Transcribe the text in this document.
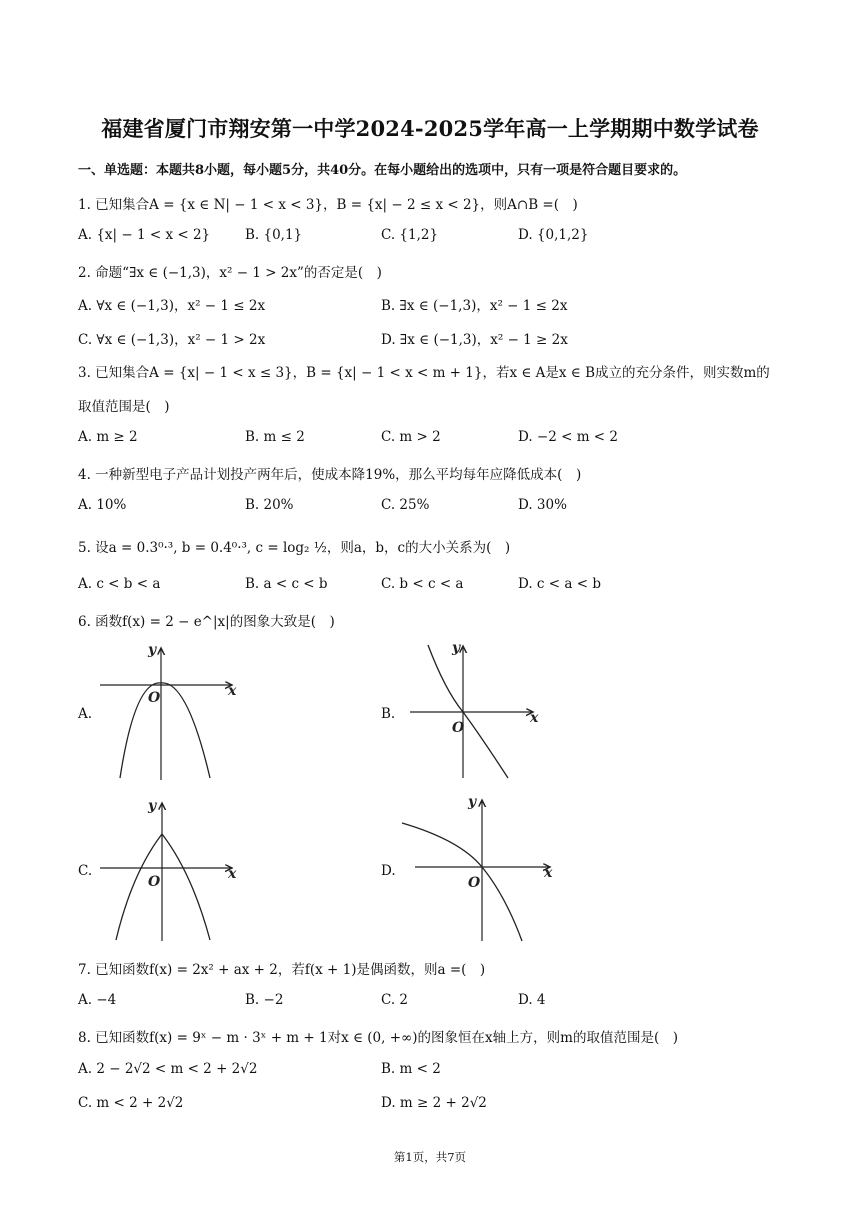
福建省厦门市翔安第一中学2024-2025学年高一上学期期中数学试卷
一、单选题：本题共8小题，每小题5分，共40分。在每小题给出的选项中，只有一项是符合题目要求的。
1. 已知集合A = {x ∈ N| − 1 < x < 3}，B = {x| − 2 ≤ x < 2}，则A∩B =(　)
A. {x| − 1 < x < 2}	B. {0,1}	C. {1,2}	D. {0,1,2}
2. 命题“∃x ∈ (−1,3)，x² − 1 > 2x”的否定是(　)
A. ∀x ∈ (−1,3)，x² − 1 ≤ 2x	B. ∃x ∈ (−1,3)，x² − 1 ≤ 2x
C. ∀x ∈ (−1,3)，x² − 1 > 2x	D. ∃x ∈ (−1,3)，x² − 1 ≥ 2x
3. 已知集合A = {x| − 1 < x ≤ 3}，B = {x| − 1 < x < m + 1}，若x ∈ A是x ∈ B成立的充分条件，则实数m的
取值范围是(　)
A. m ≥ 2	B. m ≤ 2	C. m > 2	D. −2 < m < 2
4. 一种新型电子产品计划投产两年后，使成本降19%，那么平均每年应降低成本(　)
A. 10%	B. 20%	C. 25%	D. 30%
5. 设a = 0.3⁰·³, b = 0.4⁰·³, c = log₂ ½，则a，b，c的大小关系为(　)
A. c < b < a	B. a < c < b	C. b < c < a	D. c < a < b
6. 函数f(x) = 2 − e^|x|的图象大致是(　)
A.	B.
C.	D.
y
x
O
y
x
O
y
x
O
y
x
O
7. 已知函数f(x) = 2x² + ax + 2，若f(x + 1)是偶函数，则a =(　)
A. −4	B. −2	C. 2	D. 4
8. 已知函数f(x) = 9ˣ − m · 3ˣ + m + 1对x ∈ (0, +∞)的图象恒在x轴上方，则m的取值范围是(　)
A. 2 − 2√2 < m < 2 + 2√2	B. m < 2
C. m < 2 + 2√2	D. m ≥ 2 + 2√2
第1页，共7页
